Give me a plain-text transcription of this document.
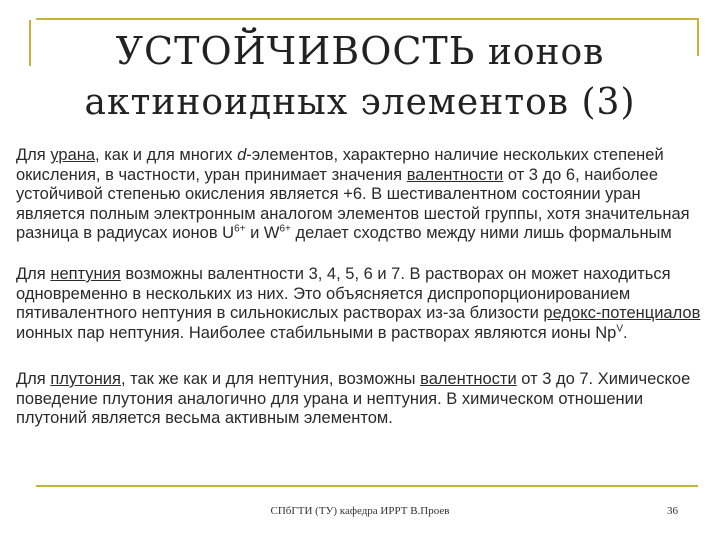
УСТОЙЧИВОСТЬ ионов
актиноидных элементов (3)

Для урана, как и для многих d-элементов, характерно наличие нескольких степеней окисления, в частности, уран принимает значения валентности от 3 до 6, наиболее устойчивой степенью окисления является +6. В шестивалентном состоянии уран является полным электронным аналогом элементов шестой группы, хотя значительная разница в радиусах ионов $U^{6+}$ и $W^{6+}$ делает сходство между ними лишь формальным

Для нептуния возможны валентности 3, 4, 5, 6 и 7. В растворах он может находиться одновременно в нескольких из них. Это объясняется диспропорционированием пятивалентного нептуния в сильнокислых растворах из-за близости редокс-потенциалов ионных пар нептуния. Наиболее стабильными в растворах являются ионы $Np^V$.

Для плутония, так же как и для нептуния, возможны валентности от 3 до 7. Химическое поведение плутония аналогично для урана и нептуния. В химическом отношении плутоний является весьма активным элементом.

СПбГТИ (ТУ) кафедра ИРРТ В.Проев	36
